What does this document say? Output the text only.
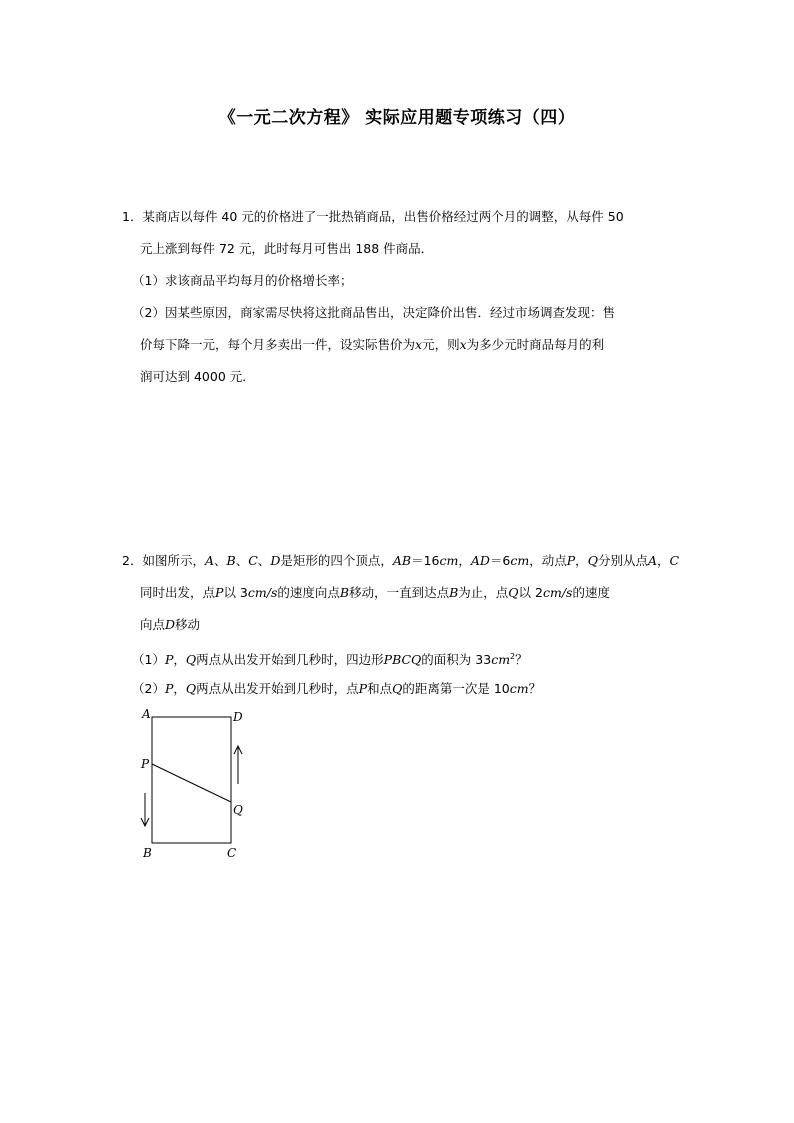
《一元二次方程》 实际应用题专项练习（四）
1．某商店以每件 40 元的价格进了一批热销商品，出售价格经过两个月的调整，从每件 50
元上涨到每件 72 元，此时每月可售出 188 件商品．
（1）求该商品平均每月的价格增长率；
（2）因某些原因，商家需尽快将这批商品售出，决定降价出售．经过市场调查发现：售
价每下降一元，每个月多卖出一件，设实际售价为x元，则x为多少元时商品每月的利
润可达到 4000 元．
2．如图所示，A、B、C、D是矩形的四个顶点，AB＝16cm，AD＝6cm，动点P，Q分别从点A，C
同时出发，点P以 3cm/s的速度向点B移动，一直到达点B为止，点Q以 2cm/s的速度
向点D移动
（1）P，Q两点从出发开始到几秒时，四边形PBCQ的面积为 $33cm^2$？
（2）P，Q两点从出发开始到几秒时，点P和点Q的距离第一次是 10cm？
A	D
P
Q
B	C
